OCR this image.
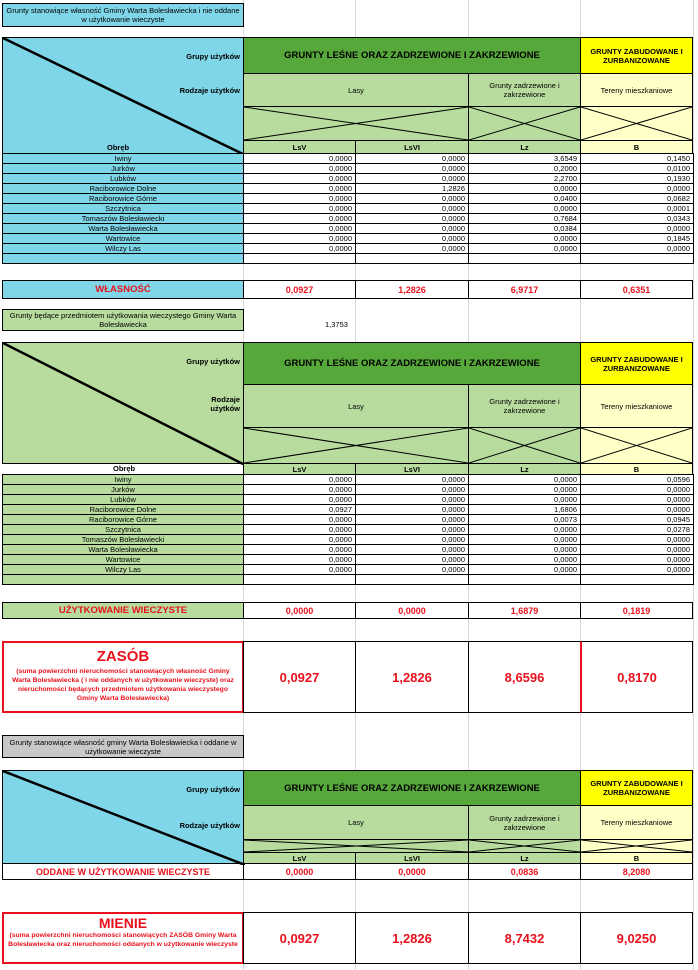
Grunty stanowiące własność Gminy Warta Bolesławiecka i nie oddane w użytkowanie wieczyste
Grupy użytków
Rodzaje użytków
Obręb
GRUNTY LEŚNE ORAZ ZADRZEWIONE I ZAKRZEWIONE	GRUNTY ZABUDOWANE I ZURBANIZOWANE
Lasy	Grunty zadrzewione i zakrzewione	Tereny mieszkaniowe
LsV	LsVI	Lz	B
Iwiny	0,0000	0,0000	3,6549	0,1450
Jurków	0,0000	0,0000	0,2000	0,0100
Lubków	0,0000	0,0000	2,2700	0,1930
Raciborowice Dolne	0,0000	1,2826	0,0000	0,0000
Raciborowice Górne	0,0000	0,0000	0,0400	0,0682
Szczytnica	0,0000	0,0000	0,0000	0,0001
Tomaszów Bolesławiecki	0,0000	0,0000	0,7684	0,0343
Warta Bolesławiecka	0,0000	0,0000	0,0384	0,0000
Wartowice	0,0000	0,0000	0,0000	0,1845
Wilczy Las	0,0000	0,0000	0,0000	0,0000

WŁASNOŚĆ	0,0927	1,2826	6,9717	0,6351
Grunty będące przedmiotem użytkowania wieczystego Gminy Warta Bolesławiecka	1,3753
Grupy użytków
Rodzaje
użytków
Obręb
GRUNTY LEŚNE ORAZ ZADRZEWIONE I ZAKRZEWIONE	GRUNTY ZABUDOWANE I ZURBANIZOWANE
Lasy	Grunty zadrzewione i zakrzewione	Tereny mieszkaniowe
LsV	LsVI	Lz	B
Iwiny	0,0000	0,0000	0,0000	0,0596
Jurków	0,0000	0,0000	0,0000	0,0000
Lubków	0,0000	0,0000	0,0000	0,0000
Raciborowice Dolne	0,0927	0,0000	1,6806	0,0000
Raciborowice Górne	0,0000	0,0000	0,0073	0,0945
Szczytnica	0,0000	0,0000	0,0000	0,0278
Tomaszów Bolesławiecki	0,0000	0,0000	0,0000	0,0000
Warta Bolesławiecka	0,0000	0,0000	0,0000	0,0000
Wartowice	0,0000	0,0000	0,0000	0,0000
Wilczy Las	0,0000	0,0000	0,0000	0,0000

UŻYTKOWANIE WIECZYSTE	0,0000	0,0000	1,6879	0,1819
ZASÓB
(suma powierzchni nieruchomości stanowiących własność Gminy Warta Bolesławiecka ( i nie oddanych w użytkowanie wieczyste) oraz nieruchomości będących przedmiotem użytkowania wieczystego Gminy Warta Bolesławiecka)
0,0927	1,2826	8,6596	0,8170
Grunty stanowiące własność gminy Warta Bolesławiecka i oddane w użytkowanie wieczyste
Grupy użytków
Rodzaje użytków
GRUNTY LEŚNE ORAZ ZADRZEWIONE I ZAKRZEWIONE	GRUNTY ZABUDOWANE I ZURBANIZOWANE
Lasy	Grunty zadrzewione i zakrzewione	Tereny mieszkaniowe
LsV	LsVI	Lz	B
ODDANE W UŻYTKOWANIE WIECZYSTE	0,0000	0,0000	0,0836	8,2080
MIENIE
(suma powierzchni nieruchomości stanowiących ZASÓB Gminy Warta Bolesławiecka oraz nieruchomości oddanych w użytkowanie wieczyste	0,0927	1,2826	8,7432	9,0250
